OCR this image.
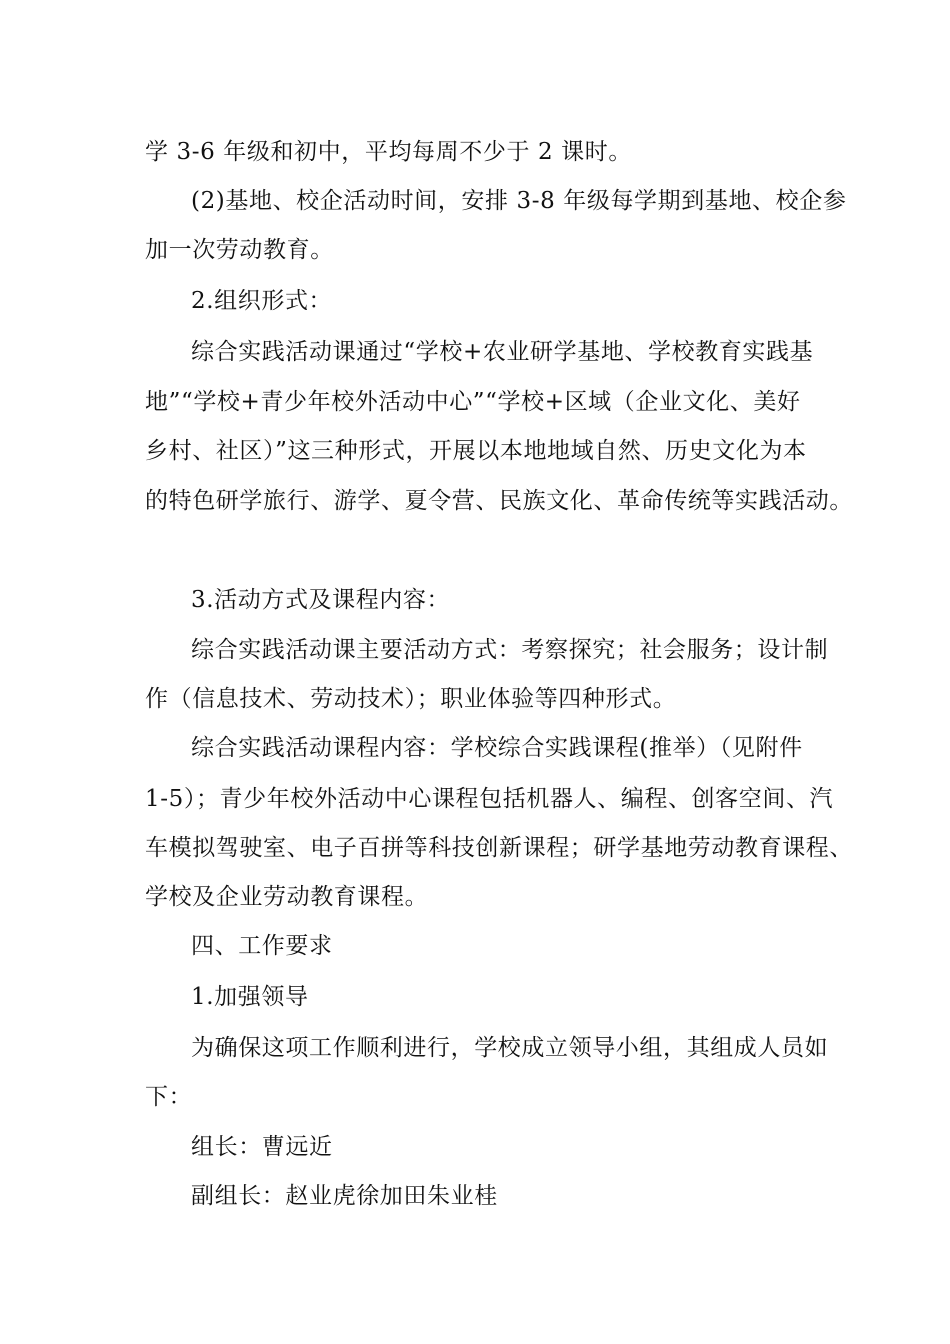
学 3-6 年级和初中，平均每周不少于 2 课时。
(2)基地、校企活动时间，安排 3-8 年级每学期到基地、校企参
加一次劳动教育。
2.组织形式：
综合实践活动课通过“学校+农业研学基地、学校教育实践基
地”“学校+青少年校外活动中心”“学校+区域（企业文化、美好
乡村、社区）”这三种形式，开展以本地地域自然、历史文化为本
的特色研学旅行、游学、夏令营、民族文化、革命传统等实践活动。
3.活动方式及课程内容：
综合实践活动课主要活动方式：考察探究；社会服务；设计制
作（信息技术、劳动技术）；职业体验等四种形式。
综合实践活动课程内容：学校综合实践课程(推举）（见附件
1-5）；青少年校外活动中心课程包括机器人、编程、创客空间、汽
车模拟驾驶室、电子百拼等科技创新课程；研学基地劳动教育课程、
学校及企业劳动教育课程。
四、工作要求
1.加强领导
为确保这项工作顺利进行，学校成立领导小组，其组成人员如
下：
组长：曹远近
副组长：赵业虎徐加田朱业桂
